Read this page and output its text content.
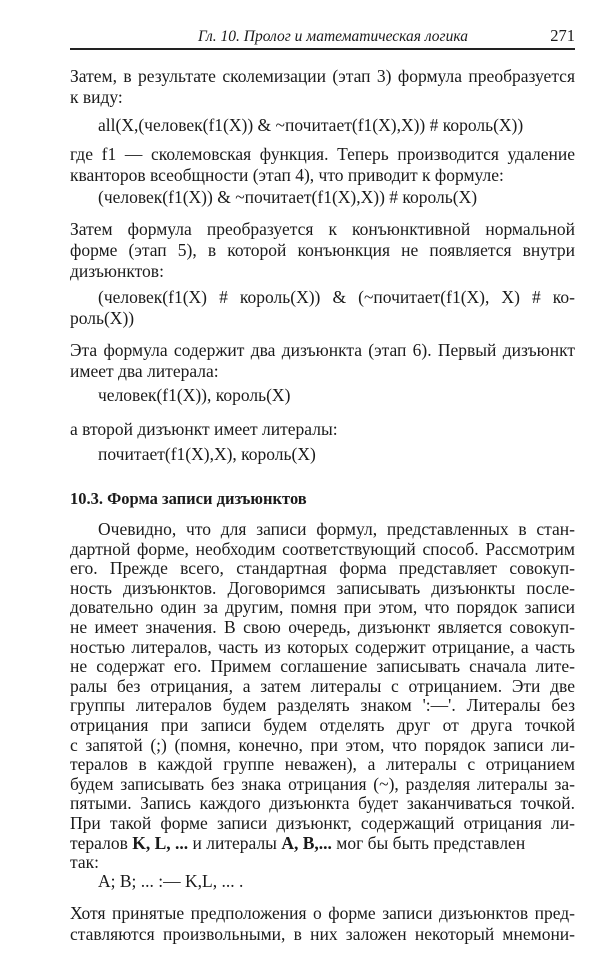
Гл. 10. Пролог и математическая логика	271
Затем, в результате сколемизации (этап 3) формула преобразуется
к виду:
all(X,(человек(f1(X)) & ~почитает(f1(X),X)) # король(X))
где f1 — сколемовская функция. Теперь производится удаление
кванторов всеобщности (этап 4), что приводит к формуле:
(человек(f1(X)) & ~почитает(f1(X),X)) # король(X)
Затем формула преобразуется к конъюнктивной нормальной
форме (этап 5), в которой конъюнкция не появляется внутри
дизъюнктов:
(человек(f1(X) # король(X)) & (~почитает(f1(X), X) # ко-
роль(X))
Эта формула содержит два дизъюнкта (этап 6). Первый дизъюнкт
имеет два литерала:
человек(f1(X)), король(X)
а второй дизъюнкт имеет литералы:
почитает(f1(X),X), король(X)
10.3. Форма записи дизъюнктов
Очевидно, что для записи формул, представленных в стан-
дартной форме, необходим соответствующий способ. Рассмотрим
его. Прежде всего, стандартная форма представляет совокуп-
ность дизъюнктов. Договоримся записывать дизъюнкты после-
довательно один за другим, помня при этом, что порядок записи
не имеет значения. В свою очередь, дизъюнкт является совокуп-
ностью литералов, часть из которых содержит отрицание, а часть
не содержат его. Примем соглашение записывать сначала лите-
ралы без отрицания, а затем литералы с отрицанием. Эти две
группы литералов будем разделять знаком ':—'. Литералы без
отрицания при записи будем отделять друг от друга точкой
с запятой (;) (помня, конечно, при этом, что порядок записи ли-
тералов в каждой группе неважен), а литералы с отрицанием
будем записывать без знака отрицания (~), разделяя литералы за-
пятыми. Запись каждого дизъюнкта будет заканчиваться точкой.
При такой форме записи дизъюнкт, содержащий отрицания ли-
тералов K, L, ... и литералы A, B,... мог бы быть представлен
так:
A; B; ... :— K,L, ... .
Хотя принятые предположения о форме записи дизъюнктов пред-
ставляются произвольными, в них заложен некоторый мнемони-
